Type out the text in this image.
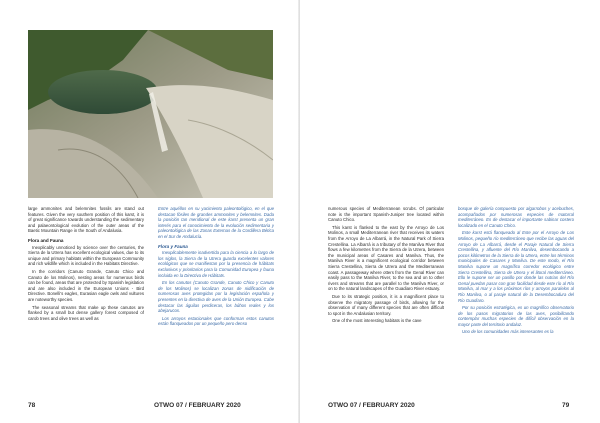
large ammonites and belemnites fossils are stand out features. Given the very southern position of this karst, it is of great significance towards understanding the sedimentary and palaeontological evolution of the outer areas of the Baetic Mountain Range in the South of Andalusia.

Flora and Fauna

Inexplicably unnoticed by science over the centuries, the Sierra de la Utrera has excellent ecological values, due to its unique and primary habitats within the European Community and rich wildlife which is included in the Habitats Directive.

In the corridors (Canuto Grande, Canuto Chico and Canuto de los Molinos), nesting areas for numerous birds can be found, areas that are protected by Spanish legislation and are also included in the European Unions - Bird Directive. Bonelli's eagles, Eurasian eagle owls and vultures are noteworthy species.

The seasonal streams that make up these canutos are flanked by a small but dense gallery forest composed of carob trees and olive trees as well as

Entre aquéllos en su yacimiento paleontológico, en el que destacan fósiles de grandes ammonites y belemnites. Dada la posición tan meridional de este karst presenta un gran interés para el conocimiento de la evolución sedimentaria y paleontológica de las Zonas Externas de la Cordillera Bética en el Sur de Andalucía.

Flora y Fauna

Inexplicablemente inadvertida para la ciencia a lo largo de los siglos, la Sierra de la Utrera guarda excelentes valores ecológicos que se manifiestan por la presencia de hábitats exclusivos y prioritarios para la Comunidad Europea y fauna incluida en la Directiva de Hábitats.

En los canutos (Canuto Grande, Canuto Chico y Canuto de los Molinos) se localizan zonas de nidificación de numerosas aves protegidas por la legislación española y presentes en la directiva de aves de la Unión Europea. Cabe destacar las águilas perdiceras, los búhos reales y los abejarucos.

Los arroyos estacionales que conforman estos canutos están flanqueados por un pequeño pero denso

78	OTWO 07 / FEBRUARY 2020

numerous species of Mediterranean scrubs. Of particular note is the important Spanish-Juniper tree located within Canuto Chico.

This karst is flanked to the east by the Arroyo de Los Molinos, a small Mediterranean river that receives its waters from the Arroyo de La Albarrá, in the Natural Park of Sierra Crestellina. La Albarrá is a tributary of the Manilva River that flows a few kilometres from the Sierra de la Utrera, between the municipal areas of Casares and Manilva. Thus, the Manilva River is a magnificent ecological corridor between Sierra Crestellina, Sierra de Utrera and the Mediterranean coast. A passageway where otters from the Genal River can easily pass to the Manilva River, to the sea and on to other rivers and streams that are parallel to the Manilva River, or on to the natural landscapes of the Guadiaro River estuary.

Due to its strategic position, it is a magnificent place to observe the migratory passage of birds, allowing for the observation of many different species that are often difficult to spot in the Andalusian territory.

One of the most interesting habitats is the cave

bosque de galería compuesto por algarrobos y acebuches, acompañados por numerosas especies de matorral mediterráneo. Es de destacar el importante sabinar costero localizado en el Canuto Chico.

Este karst está flanqueado al Este por el Arroyo de Los Molinos, pequeño río mediterráneo que recibe las aguas del Arroyo de La Albarrá, desde el Paraje Natural de Sierra Crestellina, y afluente del Río Manilva, desembocando a pocos kilómetros de la Sierra de la Utrera, entre los términos municipales de Casares y Manilva. De este modo, el Río Manilva supone un magnífico corredor ecológico entre Sierra Crestellina, Sierra de Utrera y el litoral mediterráneo. Ello le supone ser un pasillo por donde las nutrias del Río Genal puedan pasar con gran facilidad desde este río al Río Manilva, al mar y a los próximos ríos y arroyos paralelos al Río Manilva, o al paraje natural de la Desembocadura del Río Guadiaro.

Por su posición estratégica, es un magnífico observatorio de los pasos migratorios de las aves, posibilitando contemplar muchas especies de difícil observación en la mayor parte del territorio andaluz.

Uno de los comunidades más interesantes es la

OTWO 07 / FEBRUARY 2020	79
